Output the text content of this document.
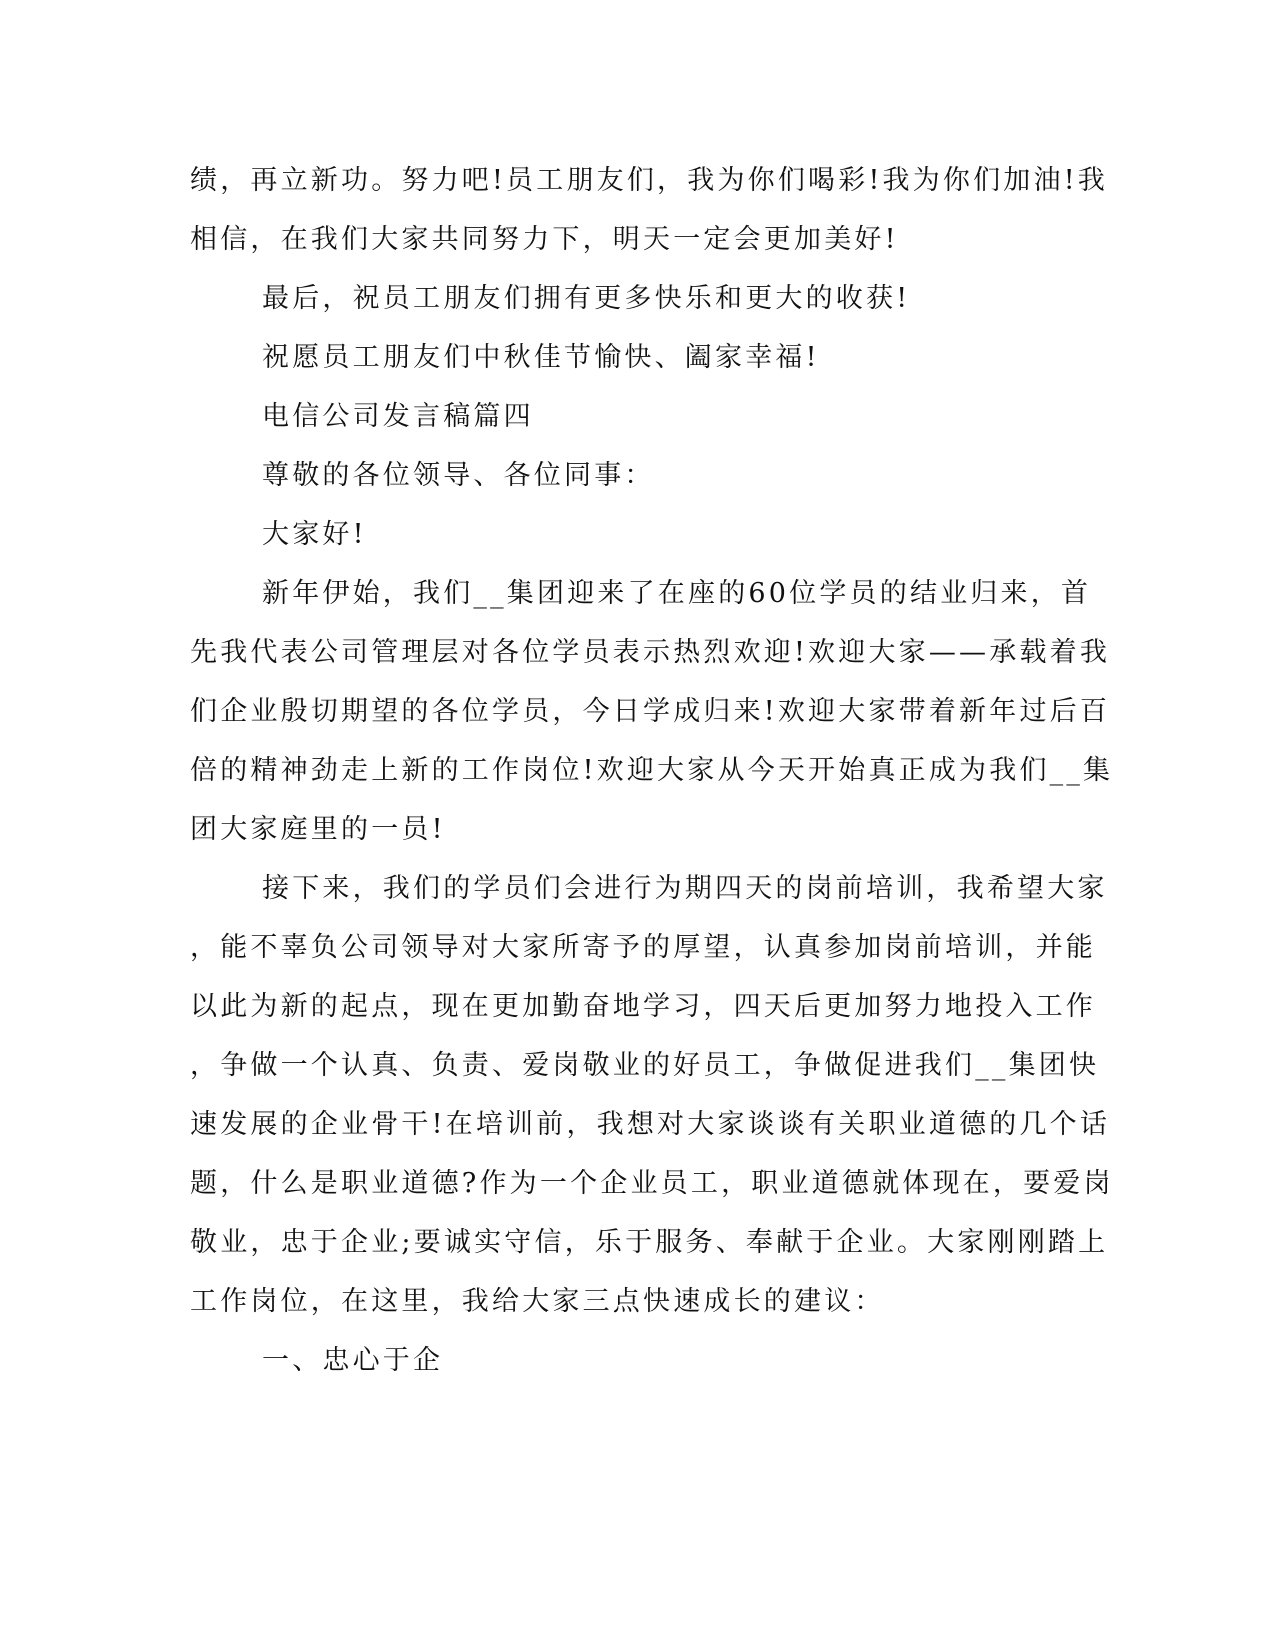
绩，再立新功。努力吧!员工朋友们，我为你们喝彩!我为你们加油!我
相信，在我们大家共同努力下，明天一定会更加美好!
最后，祝员工朋友们拥有更多快乐和更大的收获!
祝愿员工朋友们中秋佳节愉快、阖家幸福!
电信公司发言稿篇四
尊敬的各位领导、各位同事：
大家好!
新年伊始，我们__集团迎来了在座的60位学员的结业归来，首
先我代表公司管理层对各位学员表示热烈欢迎!欢迎大家——承载着我
们企业殷切期望的各位学员，今日学成归来!欢迎大家带着新年过后百
倍的精神劲走上新的工作岗位!欢迎大家从今天开始真正成为我们__集
团大家庭里的一员!
接下来，我们的学员们会进行为期四天的岗前培训，我希望大家
，能不辜负公司领导对大家所寄予的厚望，认真参加岗前培训，并能
以此为新的起点，现在更加勤奋地学习，四天后更加努力地投入工作
，争做一个认真、负责、爱岗敬业的好员工，争做促进我们__集团快
速发展的企业骨干!在培训前，我想对大家谈谈有关职业道德的几个话
题，什么是职业道德?作为一个企业员工，职业道德就体现在，要爱岗
敬业，忠于企业;要诚实守信，乐于服务、奉献于企业。大家刚刚踏上
工作岗位，在这里，我给大家三点快速成长的建议：
一、忠心于企
